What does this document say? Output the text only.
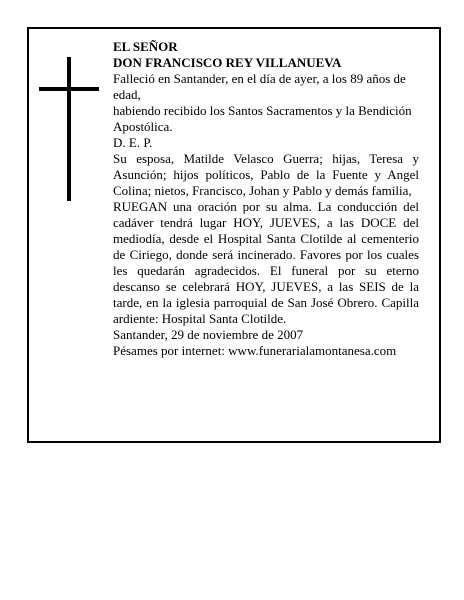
EL SEÑOR

DON FRANCISCO REY VILLANUEVA

Falleció en Santander, en el día de ayer, a los 89 años de edad,

habiendo recibido los Santos Sacramentos y la Bendición Apostólica.

D. E. P.

Su esposa, Matilde Velasco Guerra; hijas, Teresa y Asunción; hijos políticos, Pablo de la Fuente y Angel Colina; nietos, Francisco, Johan y Pablo y demás familia,

RUEGAN una oración por su alma. La conducción del cadáver tendrá lugar HOY, JUEVES, a las DOCE del mediodía, desde el Hospital Santa Clotilde al cementerio de Ciriego, donde será incinerado. Favores por los cuales les quedarán agradecidos. El funeral por su eterno descanso se celebrará HOY, JUEVES, a las SEIS de la tarde, en la iglesia parroquial de San José Obrero. Capilla ardiente: Hospital Santa Clotilde.

Santander, 29 de noviembre de 2007

Pésames por internet: www.funerarialamontanesa.com
